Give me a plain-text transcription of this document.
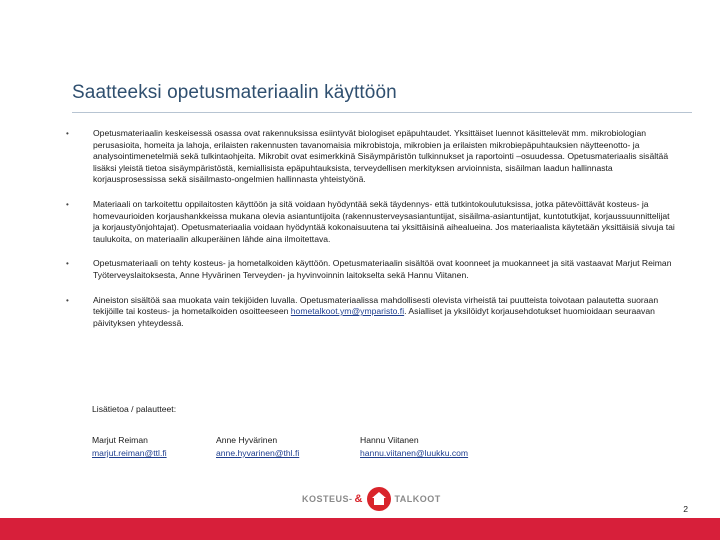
Saatteeksi opetusmateriaalin käyttöön
•	Opetusmateriaalin keskeisessä osassa ovat rakennuksissa esiintyvät biologiset epäpuhtaudet. Yksittäiset luennot käsittelevät mm. mikrobiologian perusasioita, homeita ja lahoja, erilaisten rakennusten tavanomaisia mikrobistoja, mikrobien ja erilaisten mikrobiepäpuhtauksien näytteenotto- ja analysointimenetelmiä sekä tulkintaohjeita. Mikrobit ovat esimerkkinä Sisäympäristön tulkinnukset ja raportointi –osuudessa. Opetusmateriaalis sisältää lisäksi yleistä tietoa sisäympäristöstä, kemiallisista epäpuhtauksista, terveydellisen merkityksen arvioinnista, sisäilman laadun hallinnasta korjausprosessissa sekä sisäilmasto-ongelmien hallinnasta yhteistyönä.
•	Materiaali on tarkoitettu oppilaitosten käyttöön ja sitä voidaan hyödyntää sekä täydennys- että tutkintokoulutuksissa, jotka pätevöittävät kosteus- ja homevaurioiden korjaushankkeissa mukana olevia asiantuntijoita (rakennusterveysasiantuntijat, sisäilma-asiantuntijat, kuntotutkijat, korjaussuunnittelijat ja korjaustyönjohtajat). Opetusmateriaalia voidaan hyödyntää kokonaisuutena tai yksittäisinä aihealueina. Jos materiaalista käytetään yksittäisiä sivuja tai taulukoita, on materiaalin alkuperäinen lähde aina ilmoitettava.
•	Opetusmateriaali on tehty kosteus- ja hometalkoiden käyttöön. Opetusmateriaalin sisältöä ovat koonneet ja muokanneet ja sitä vastaavat Marjut Reiman Työterveyslaitoksesta, Anne Hyvärinen Terveyden- ja hyvinvoinnin laitokselta sekä Hannu Viitanen.
•	Aineiston sisältöä saa muokata vain tekijöiden luvalla. Opetusmateriaalissa mahdollisesti olevista virheistä tai puutteista toivotaan palautetta suoraan tekijöille tai kosteus- ja hometalkoiden osoitteeseen hometalkoot.ym@ymparisto.fi. Asialliset ja yksilöidyt korjausehdotukset huomioidaan seuraavan päivityksen yhteydessä.
Lisätietoa / palautteet:
Marjut Reiman
marjut.reiman@ttl.fi
Anne Hyvärinen
anne.hyvarinen@thl.fi
Hannu Viitanen
hannu.viitanen@luukku.com
KOSTEUS- &	TALKOOT
2
